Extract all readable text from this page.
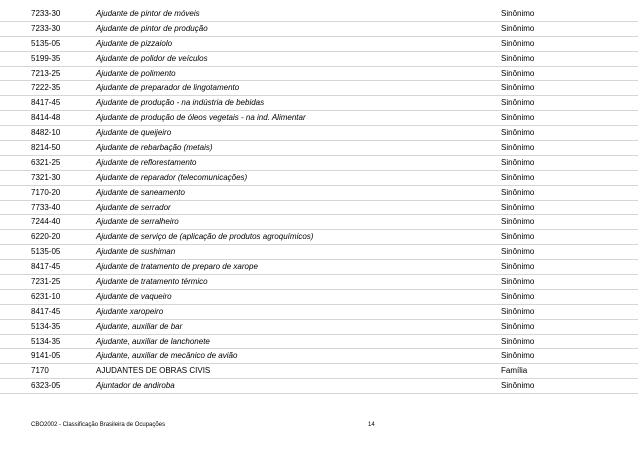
7233-30	Ajudante de pintor de móveis	Sinônimo
7233-30	Ajudante de pintor de produção	Sinônimo
5135-05	Ajudante de pizzaiolo	Sinônimo
5199-35	Ajudante de polidor de veículos	Sinônimo
7213-25	Ajudante de polimento	Sinônimo
7222-35	Ajudante de preparador de lingotamento	Sinônimo
8417-45	Ajudante de produção - na indústria de bebidas	Sinônimo
8414-48	Ajudante de produção de óleos vegetais - na ind. Alimentar	Sinônimo
8482-10	Ajudante de queijeiro	Sinônimo
8214-50	Ajudante de rebarbação (metais)	Sinônimo
6321-25	Ajudante de reflorestamento	Sinônimo
7321-30	Ajudante de reparador (telecomunicações)	Sinônimo
7170-20	Ajudante de saneamento	Sinônimo
7733-40	Ajudante de serrador	Sinônimo
7244-40	Ajudante de serralheiro	Sinônimo
6220-20	Ajudante de serviço de (aplicação de produtos agroquímicos)	Sinônimo
5135-05	Ajudante de sushiman	Sinônimo
8417-45	Ajudante de tratamento de preparo de xarope	Sinônimo
7231-25	Ajudante de tratamento térmico	Sinônimo
6231-10	Ajudante de vaqueiro	Sinônimo
8417-45	Ajudante xaropeiro	Sinônimo
5134-35	Ajudante, auxiliar de bar	Sinônimo
5134-35	Ajudante, auxiliar de lanchonete	Sinônimo
9141-05	Ajudante, auxiliar de mecânico de avião	Sinônimo
7170	AJUDANTES DE OBRAS CIVIS	Família
6323-05	Ajuntador de andiroba	Sinônimo
CBO2002 - Classificação Brasileira de Ocupações	14
